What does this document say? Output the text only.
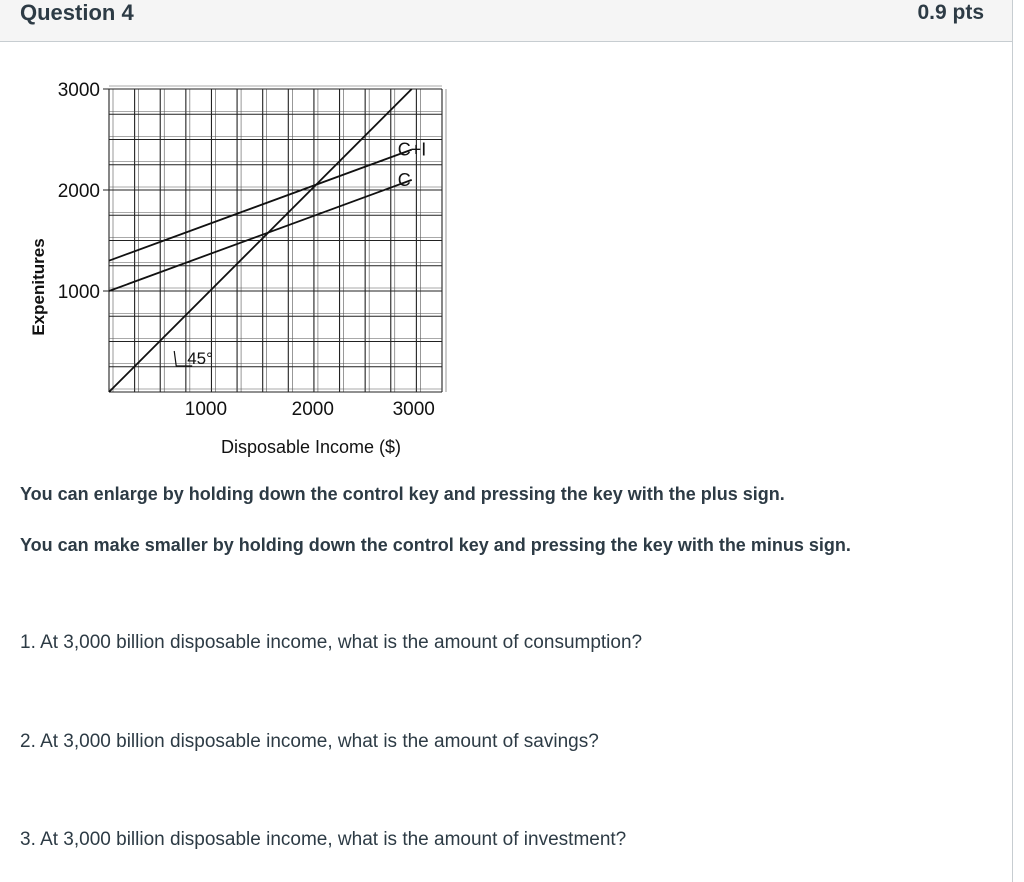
Question 4	0.9 pts
C+I
C
1000
2000
3000
1000	2000	3000
45°
Expenitures
Disposable Income ($)
You can enlarge by holding down the control key and pressing the key with the plus sign.
You can make smaller by holding down the control key and pressing the key with the minus sign.
1. At 3,000 billion disposable income, what is the amount of consumption?
2. At 3,000 billion disposable income, what is the amount of savings?
3. At 3,000 billion disposable income, what is the amount of investment?
